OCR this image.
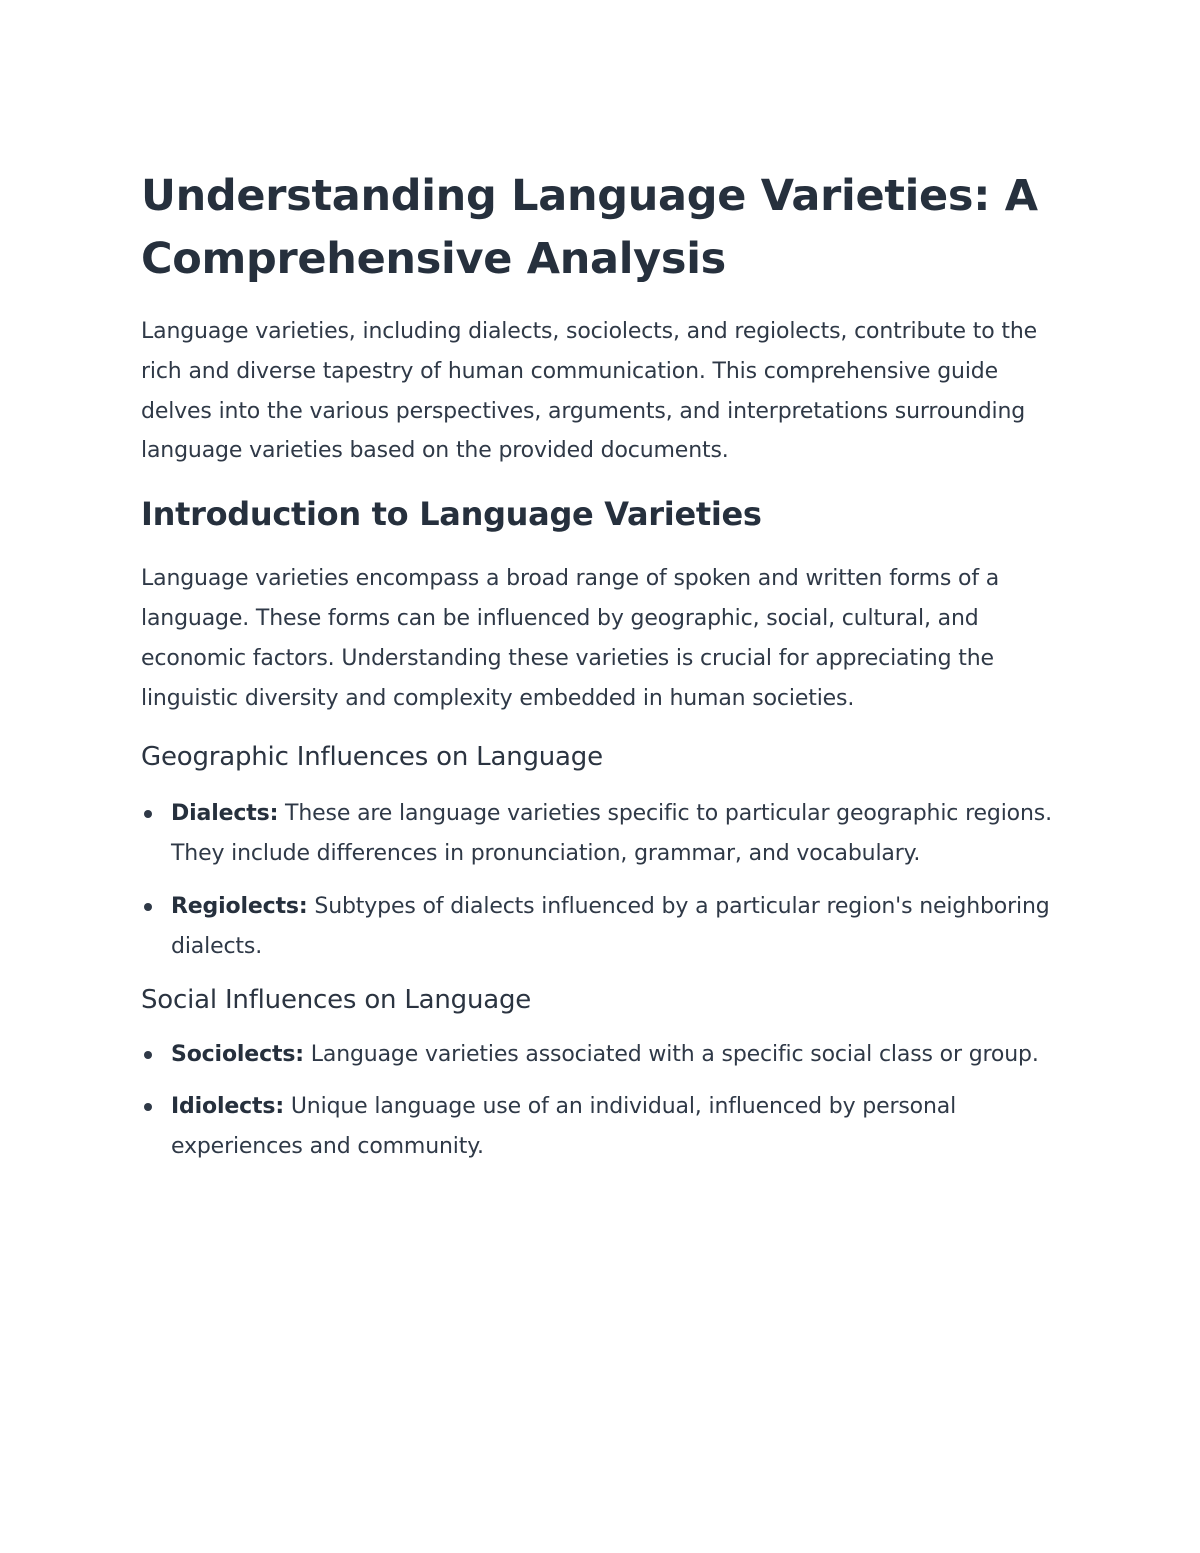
Understanding Language Varieties: A Comprehensive Analysis

Language varieties, including dialects, sociolects, and regiolects, contribute to the rich and diverse tapestry of human communication. This comprehensive guide delves into the various perspectives, arguments, and interpretations surrounding language varieties based on the provided documents.

Introduction to Language Varieties

Language varieties encompass a broad range of spoken and written forms of a language. These forms can be influenced by geographic, social, cultural, and economic factors. Understanding these varieties is crucial for appreciating the linguistic diversity and complexity embedded in human societies.

Geographic Influences on Language
Dialects: These are language varieties specific to particular geographic regions. They include differences in pronunciation, grammar, and vocabulary.
Regiolects: Subtypes of dialects influenced by a particular region's neighboring dialects.
Social Influences on Language
Sociolects: Language varieties associated with a specific social class or group.
Idiolects: Unique language use of an individual, influenced by personal experiences and community.
